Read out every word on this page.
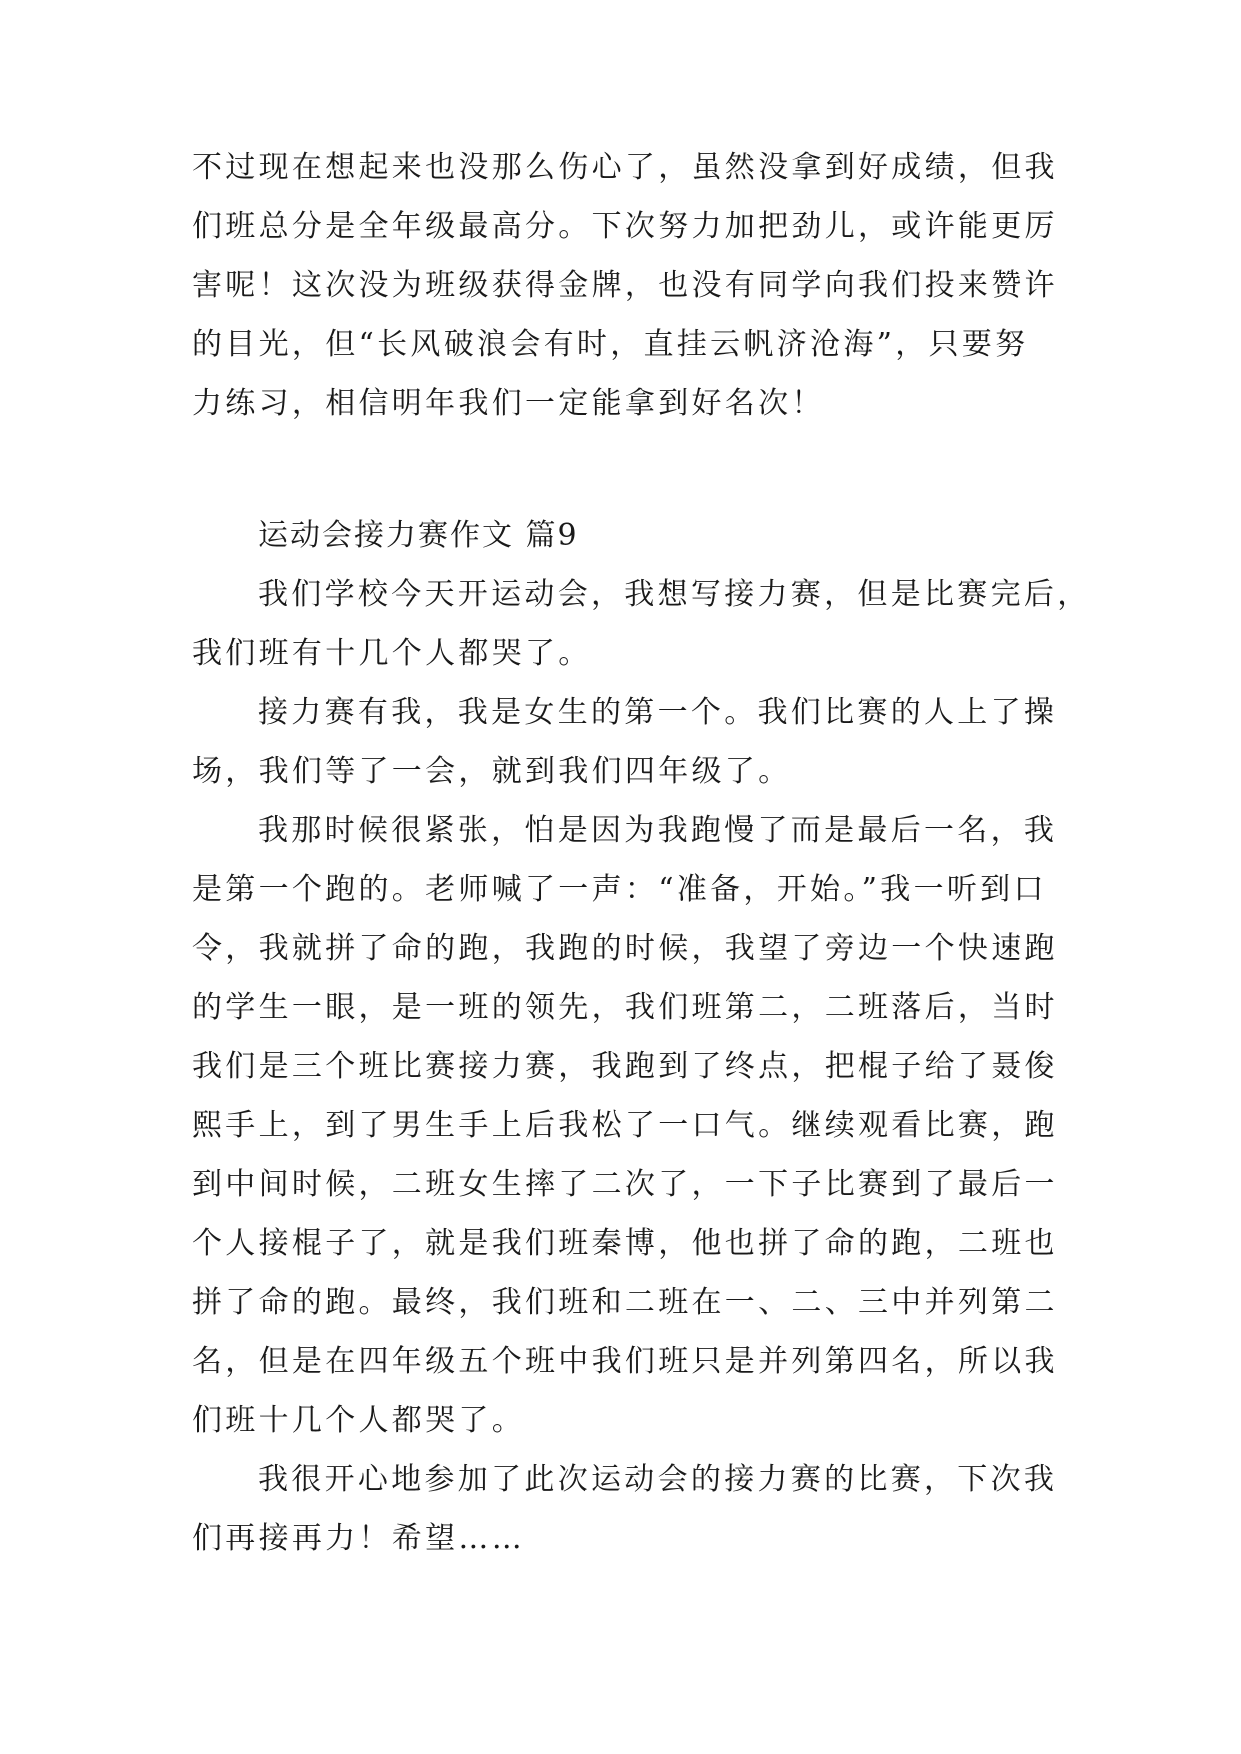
不过现在想起来也没那么伤心了，虽然没拿到好成绩，但我
们班总分是全年级最高分。下次努力加把劲儿，或许能更厉
害呢！这次没为班级获得金牌，也没有同学向我们投来赞许
的目光，但“长风破浪会有时，直挂云帆济沧海”，只要努
力练习，相信明年我们一定能拿到好名次！
运动会接力赛作文 篇9
我们学校今天开运动会，我想写接力赛，但是比赛完后，
我们班有十几个人都哭了。
接力赛有我，我是女生的第一个。我们比赛的人上了操
场，我们等了一会，就到我们四年级了。
我那时候很紧张，怕是因为我跑慢了而是最后一名，我
是第一个跑的。老师喊了一声：“准备，开始。”我一听到口
令，我就拼了命的跑，我跑的时候，我望了旁边一个快速跑
的学生一眼，是一班的领先，我们班第二，二班落后，当时
我们是三个班比赛接力赛，我跑到了终点，把棍子给了聂俊
熙手上，到了男生手上后我松了一口气。继续观看比赛，跑
到中间时候，二班女生摔了二次了，一下子比赛到了最后一
个人接棍子了，就是我们班秦博，他也拼了命的跑，二班也
拼了命的跑。最终，我们班和二班在一、二、三中并列第二
名，但是在四年级五个班中我们班只是并列第四名，所以我
们班十几个人都哭了。
我很开心地参加了此次运动会的接力赛的比赛，下次我
们再接再力！希望……
